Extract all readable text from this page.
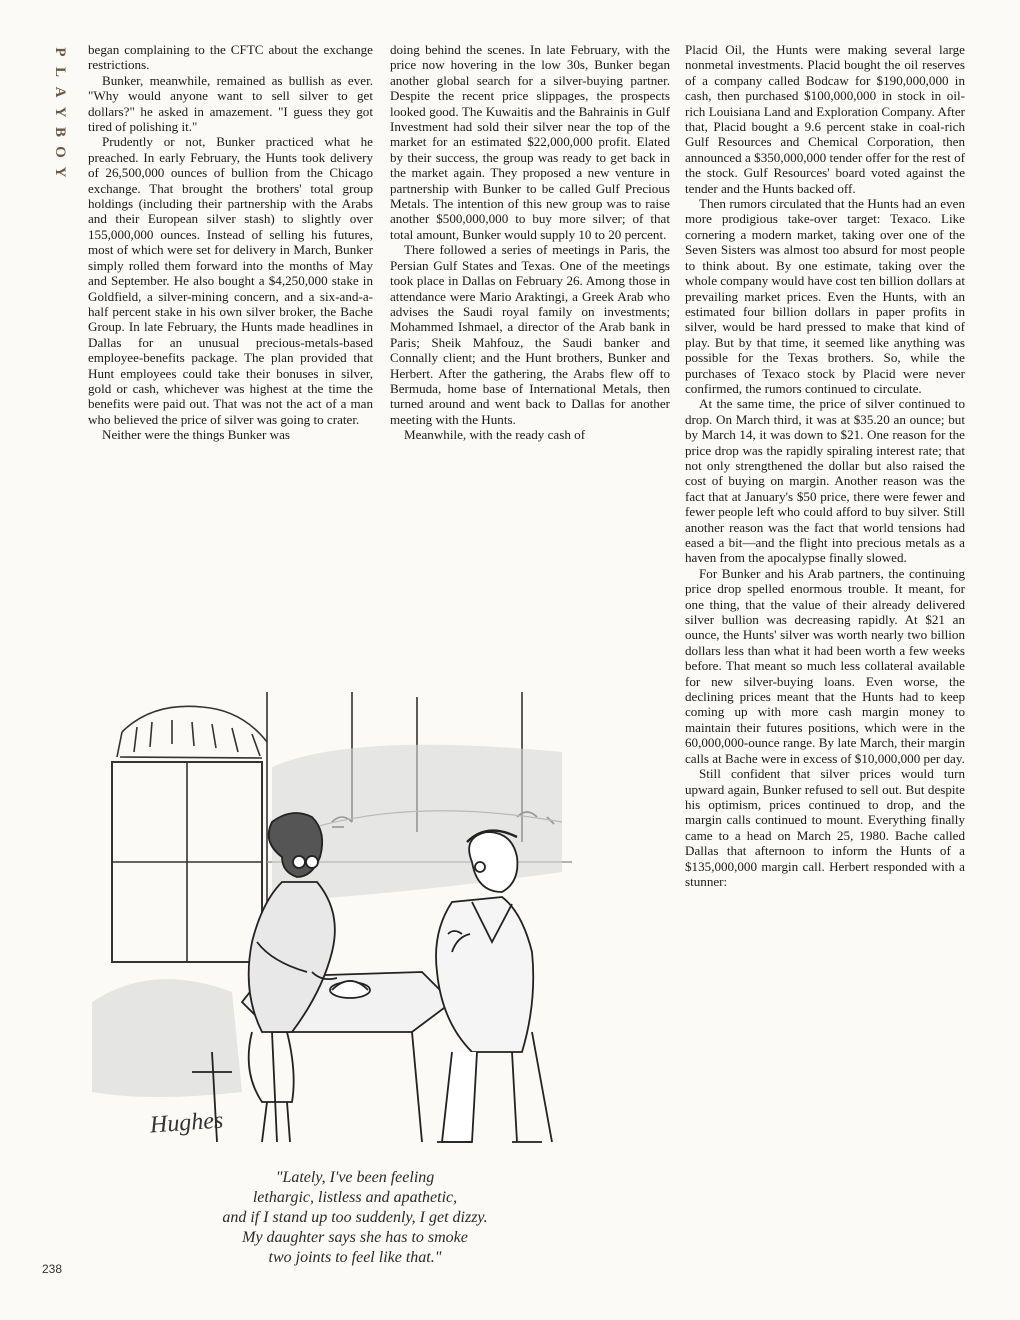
P
L
A
Y
B
O
Y

began complaining to the CFTC about the exchange restrictions.

Bunker, meanwhile, remained as bullish as ever. "Why would anyone want to sell silver to get dollars?" he asked in amazement. "I guess they got tired of polishing it."

Prudently or not, Bunker practiced what he preached. In early February, the Hunts took delivery of 26,500,000 ounces of bullion from the Chicago exchange. That brought the brothers' total group holdings (including their partnership with the Arabs and their European silver stash) to slightly over 155,000,000 ounces. Instead of selling his futures, most of which were set for delivery in March, Bunker simply rolled them forward into the months of May and September. He also bought a $4,250,000 stake in Goldfield, a silver-mining concern, and a six-and-a-half percent stake in his own silver broker, the Bache Group. In late February, the Hunts made headlines in Dallas for an unusual precious-metals-based employee-benefits package. The plan provided that Hunt employees could take their bonuses in silver, gold or cash, whichever was highest at the time the benefits were paid out. That was not the act of a man who believed the price of silver was going to crater.

Neither were the things Bunker was

doing behind the scenes. In late February, with the price now hovering in the low 30s, Bunker began another global search for a silver-buying partner. Despite the recent price slippages, the prospects looked good. The Kuwaitis and the Bahrainis in Gulf Investment had sold their silver near the top of the market for an estimated $22,000,000 profit. Elated by their success, the group was ready to get back in the market again. They proposed a new venture in partnership with Bunker to be called Gulf Precious Metals. The intention of this new group was to raise another $500,000,000 to buy more silver; of that total amount, Bunker would supply 10 to 20 percent.

There followed a series of meetings in Paris, the Persian Gulf States and Texas. One of the meetings took place in Dallas on February 26. Among those in attendance were Mario Araktingi, a Greek Arab who advises the Saudi royal family on investments; Mohammed Ishmael, a director of the Arab bank in Paris; Sheik Mahfouz, the Saudi banker and Connally client; and the Hunt brothers, Bunker and Herbert. After the gathering, the Arabs flew off to Bermuda, home base of International Metals, then turned around and went back to Dallas for another meeting with the Hunts.

Meanwhile, with the ready cash of

Placid Oil, the Hunts were making several large nonmetal investments. Placid bought the oil reserves of a company called Bodcaw for $190,000,000 in cash, then purchased $100,000,000 in stock in oil-rich Louisiana Land and Exploration Company. After that, Placid bought a 9.6 percent stake in coal-rich Gulf Resources and Chemical Corporation, then announced a $350,000,000 tender offer for the rest of the stock. Gulf Resources' board voted against the tender and the Hunts backed off.

Then rumors circulated that the Hunts had an even more prodigious take-over target: Texaco. Like cornering a modern market, taking over one of the Seven Sisters was almost too absurd for most people to think about. By one estimate, taking over the whole company would have cost ten billion dollars at prevailing market prices. Even the Hunts, with an estimated four billion dollars in paper profits in silver, would be hard pressed to make that kind of play. But by that time, it seemed like anything was possible for the Texas brothers. So, while the purchases of Texaco stock by Placid were never confirmed, the rumors continued to circulate.

At the same time, the price of silver continued to drop. On March third, it was at $35.20 an ounce; but by March 14, it was down to $21. One reason for the price drop was the rapidly spiraling interest rate; that not only strengthened the dollar but also raised the cost of buying on margin. Another reason was the fact that at January's $50 price, there were fewer and fewer people left who could afford to buy silver. Still another reason was the fact that world tensions had eased a bit—and the flight into precious metals as a haven from the apocalypse finally slowed.

For Bunker and his Arab partners, the continuing price drop spelled enormous trouble. It meant, for one thing, that the value of their already delivered silver bullion was decreasing rapidly. At $21 an ounce, the Hunts' silver was worth nearly two billion dollars less than what it had been worth a few weeks before. That meant so much less collateral available for new silver-buying loans. Even worse, the declining prices meant that the Hunts had to keep coming up with more cash margin money to maintain their futures positions, which were in the 60,000,000-ounce range. By late March, their margin calls at Bache were in excess of $10,000,000 per day.

Still confident that silver prices would turn upward again, Bunker refused to sell out. But despite his optimism, prices continued to drop, and the margin calls continued to mount. Everything finally came to a head on March 25, 1980. Bache called Dallas that afternoon to inform the Hunts of a $135,000,000 margin call. Herbert responded with a stunner:

Hughes
"Lately, I've been feeling
lethargic, listless and apathetic,
and if I stand up too suddenly, I get dizzy.
My daughter says she has to smoke
two joints to feel like that."
238
